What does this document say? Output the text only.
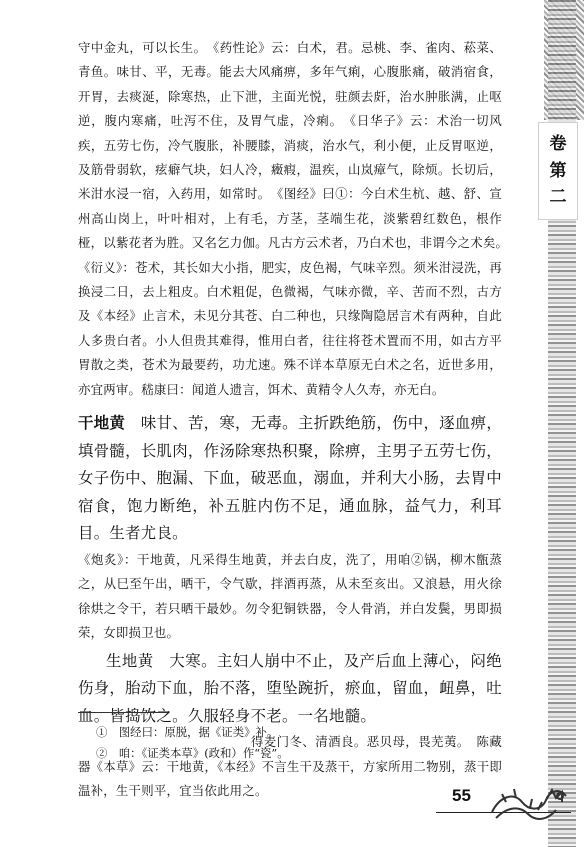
卷
第
二

守中金丸，可以长生。　《药性论》云：白术，君。忌桃、李、雀肉、菘菜、青鱼。味甘、平，无毒。能去大风痛痹，多年气痢，心腹胀痛，破消宿食，开胃，去痰涎，除寒热，止下泄，主面光悦，驻颜去皯，治水肿胀满，止呕逆，腹内寒痛，吐泻不住，及胃气虚，冷痢。　《日华子》云：术治一切风疾，五劳七伤，冷气腹胀，补腰膝，消痰，治水气，利小便，止反胃呕逆，及筋骨弱软，痃癖气块，妇人冷，癥瘕，温疾，山岚瘴气，除烦。长切后，米泔水浸一宿，入药用，如常时。　《图经》曰①：今白术生杭、越、舒、宣州高山岗上，叶叶相对，上有毛，方茎，茎端生花，淡紫碧红数色，根作桠，以紫花者为胜。又名乞力伽。凡古方云术者，乃白术也，非谓今之术矣。　《衍义》：苍术，其长如大小指，肥实，皮色褐，气味辛烈。须米泔浸洗，再换浸二日，去上粗皮。白术粗促，色微褐，气味亦微，辛、苦而不烈，古方及《本经》止言术，未见分其苍、白二种也，只缘陶隐居言术有两种，自此人多贵白者。小人但贵其难得，惟用白者，往往将苍术置而不用，如古方平胃散之类，苍术为最要药，功尤速。殊不详本草原无白术之名，近世多用，亦宜两审。嵇康曰：闻道人遗言，饵术、黄精令人久寿，亦无白。

干地黄　味甘、苦，寒，无毒。主折跌绝筋，伤中，逐血痹，填骨髓，长肌肉，作汤除寒热积聚，除痹，主男子五劳七伤，女子伤中、胞漏、下血，破恶血，溺血，并利大小肠，去胃中宿食，饱力断绝，补五脏内伤不足，通血脉，益气力，利耳目。生者尤良。

《炮炙》：干地黄，凡采得生地黄，并去白皮，洗了，用咱②锅，柳木甑蒸之，从巳至午出，晒干，令气歇，拌酒再蒸，从未至亥出。又浪悬，用火徐徐烘之令干，若只晒干最妙。勿令犯铜铁器，令人骨消，并白发鬓，男即损荣，女即损卫也。

生地黄　大寒。主妇人崩中不止，及产后血上薄心，闷绝伤身，胎动下血，胎不落，堕坠踠折，瘀血，留血，衄鼻，吐血。皆捣饮之。久服轻身不老。一名地髓。

　得麦门冬、清酒良。恶贝母，畏芜荑。　陈藏器《本草》云：干地黄，《本经》不言生干及蒸干，方家所用二物别，蒸干即温补，生干则平，宜当依此用之。

①　图经曰：原脱，据《证类》补。
②　咱：《证类本草》(政和）作“瓷”。
55
